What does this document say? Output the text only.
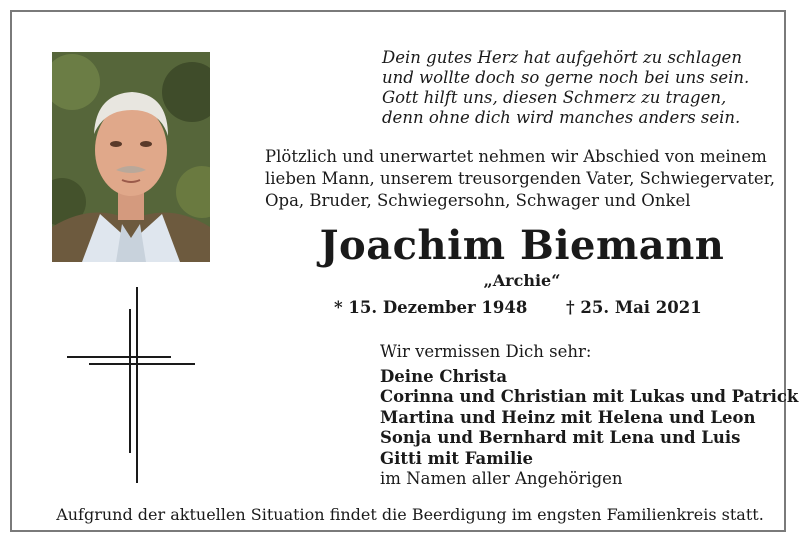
Dein gutes Herz hat aufgehört zu schlagen
und wollte doch so gerne noch bei uns sein.
Gott hilft uns, diesen Schmerz zu tragen,
denn ohne dich wird manches anders sein.
Plötzlich und unerwartet nehmen wir Abschied von meinem
lieben Mann, unserem treusorgenden Vater, Schwiegervater,
Opa, Bruder, Schwiegersohn, Schwager und Onkel
Joachim Biemann
„Archie“
* 15. Dezember 1948 † 25. Mai 2021
Wir vermissen Dich sehr:
Deine Christa
Corinna und Christian mit Lukas und Patrick
Martina und Heinz mit Helena und Leon
Sonja und Bernhard mit Lena und Luis
Gitti mit Familie
im Namen aller Angehörigen
Aufgrund der aktuellen Situation findet die Beerdigung im engsten Familienkreis statt.
